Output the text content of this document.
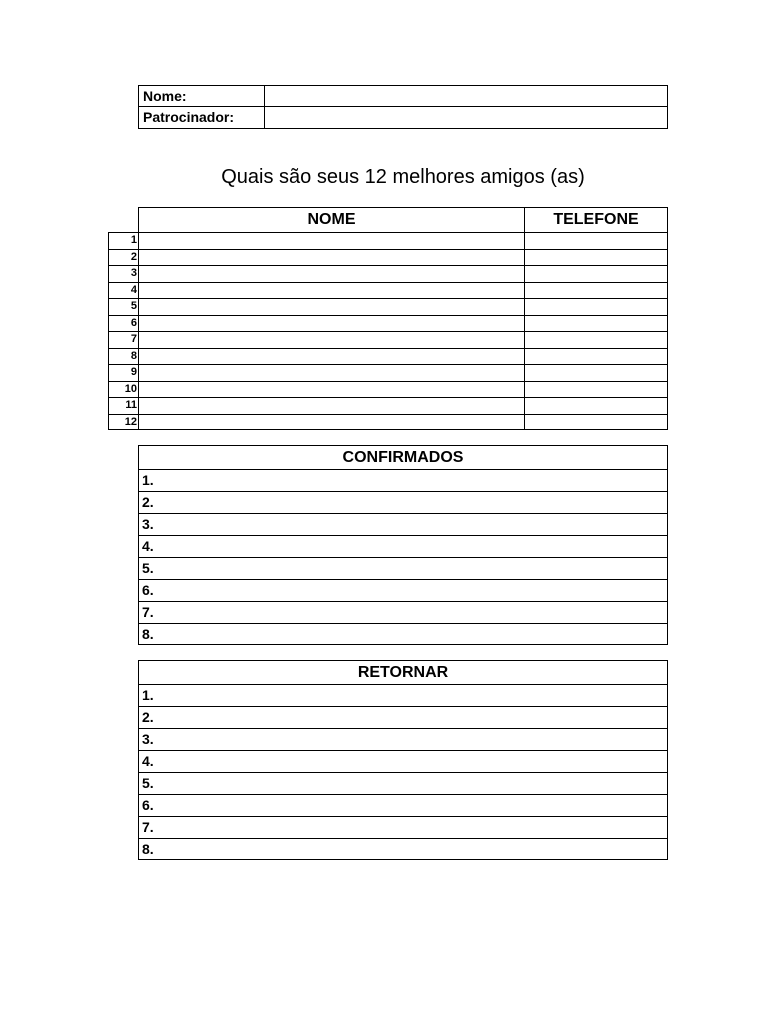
Nome:
Patrocinador:
Quais são seus 12 melhores amigos (as)
NOME	TELEFONE
1
2
3
4
5
6
7
8
9
10
11
12
CONFIRMADOS
1.
2.
3.
4.
5.
6.
7.
8.
RETORNAR
1.
2.
3.
4.
5.
6.
7.
8.
